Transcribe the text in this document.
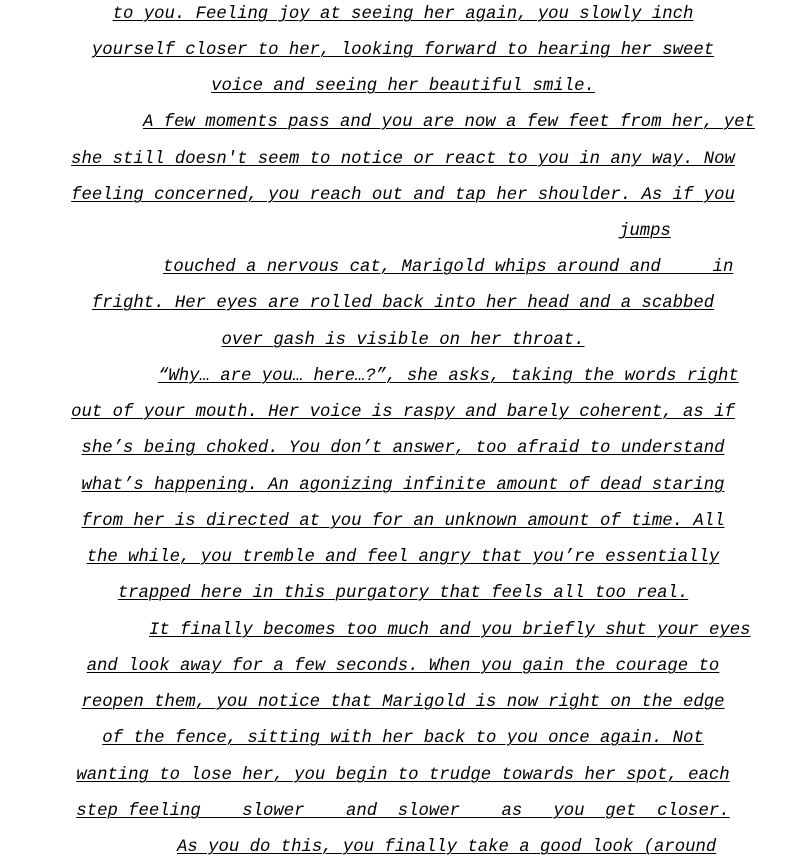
to you. Feeling joy at seeing her again, you slowly inch
yourself closer to her, looking forward to hearing her sweet
voice and seeing her beautiful smile.
A few moments pass and you are now a few feet from her, yet
she still doesn't seem to notice or react to you in any way. Now
feeling concerned, you reach out and tap her shoulder. As if you
jumps
touched a nervous cat, Marigold whips around and     in
fright. Her eyes are rolled back into her head and a scabbed
over gash is visible on her throat.
“Why… are you… here…?”, she asks, taking the words right
out of your mouth. Her voice is raspy and barely coherent, as if
she’s being choked. You don’t answer, too afraid to understand
what’s happening. An agonizing infinite amount of dead staring
from her is directed at you for an unknown amount of time. All
the while, you tremble and feel angry that you’re essentially
trapped here in this purgatory that feels all too real.
It finally becomes too much and you briefly shut your eyes
and look away for a few seconds. When you gain the courage to
reopen them, you notice that Marigold is now right on the edge
of the fence, sitting with her back to you once again. Not
wanting to lose her, you begin to trudge towards her spot, each
step feeling    slower    and  slower    as   you  get  closer.
As you do this, you finally take a good look (around
